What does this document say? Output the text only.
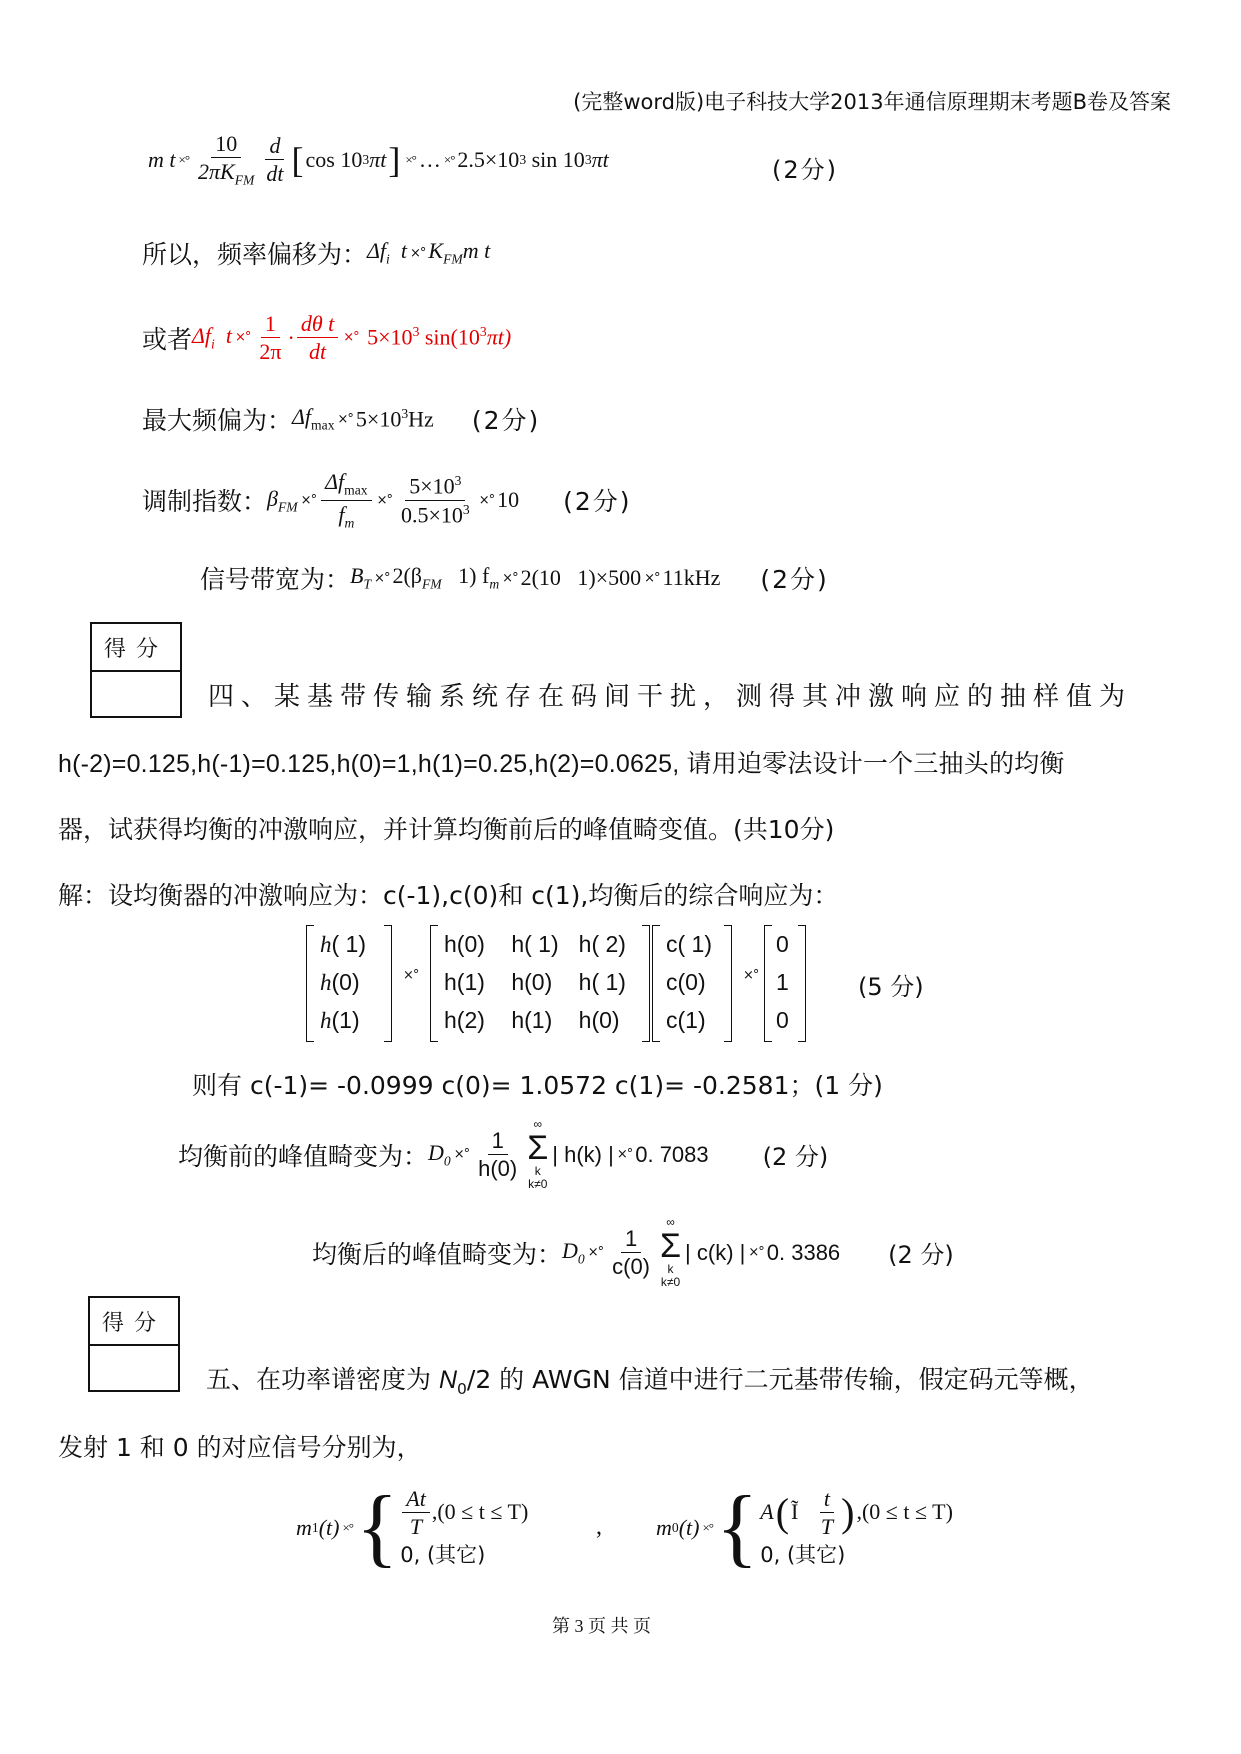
(完整word版)电子科技大学2013年通信原理期末考题B卷及答案
m t ×° $\frac{10}{2\pi K_{FM}} \frac{d}{dt}$ [ cos 10 3 πt ] ×° … ×° 2.5×10 3
sin 10 3 πt	(2分)
所以，频率偏移为： $\Delta f_i$ t ×° $K_{FM}m$ t
或者 $\Delta f_i$ t ×° $\frac{1}{2\pi} \cdot \frac{\text{dθ t}}{dt}$ ×° $5\times 10^3$ $\sin(10^3\pi t)$
最大频偏为： $\Delta f_{max}$ ×° $5\times 10^3Hz$ (2分)
调制指数： $\beta_{FM}$ ×° $\frac{\Delta f_{max}}{f_m}$ ×° $\frac{5\times 10^3}{0.5\times 10^3}$ ×° 10 (2分)
信号带宽为： $B_T$ ×° $2(\beta_{FM}$ 1) $f_m$ ×° 2(10 1)×500 ×° 11kHz (2分)
得分
四、某基带传输系统存在码间干扰，测得其冲激响应的抽样值为
h(-2)=0.125,h(-1)=0.125,h(0)=1,h(1)=0.25,h(2)=0.0625, 请用迫零法设计一个三抽头的均衡
器，试获得均衡的冲激响应，并计算均衡前后的峰值畸变值。(共10分)
解：设均衡器的冲激响应为：c(-1),c(0)和 c(1),均衡后的综合响应为：
h( 1)
h(0)
h(1)
×°
h(0)	h( 1) h( 2)
h(1)	h(0)	h( 1)
h(2)	h(1)	h(0)
c( 1)
c(0)
c(1)
×°
0
1
0
(5 分)
则有 c(-1)= -0.0999 c(0)= 1.0572 c(1)= -0.2581；(1 分)
均衡前的峰值畸变为： $D_0$ ×° $\frac{1}{h(0)}$
∞
Σ
k
k≠0
| h(k) | ×° 0. 7083 (2 分)
均衡后的峰值畸变为： $D_0$ ×° $\frac{1}{c(0)}$
∞
Σ
k
k≠0
| c(k) | ×° 0. 3386 (2 分)
得分
五、在功率谱密度为 $N_0/2$ 的 AWGN 信道中进行二元基带传输，假定码元等概，
发射 1 和 0 的对应信号分别为，
m 1 (t) ×° { $\frac{At}{T} ,(0 \le t \le T)$
0, (其它)
, m 0 (t) ×° { A ( Ĩ
$\frac{t}{T}$ ) ,(0 ≤ t ≤ T)
0, (其它)
第 3 页 共 页
